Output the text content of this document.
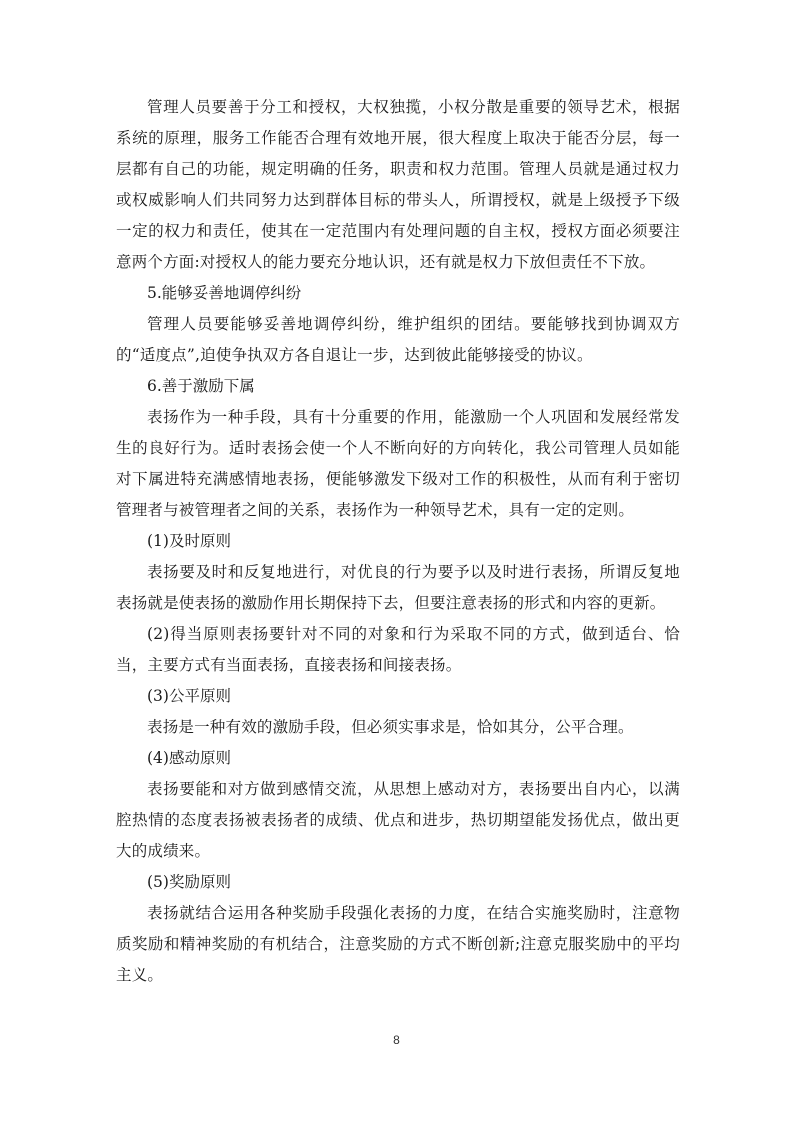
管理人员要善于分工和授权，大权独揽，小权分散是重要的领导艺术，根据系统的原理，服务工作能否合理有效地开展，很大程度上取决于能否分层，每一层都有自己的功能，规定明确的任务，职责和权力范围。管理人员就是通过权力或权威影响人们共同努力达到群体目标的带头人，所谓授权，就是上级授予下级一定的权力和责任，使其在一定范围内有处理问题的自主权，授权方面必须要注意两个方面:对授权人的能力要充分地认识，还有就是权力下放但责任不下放。

5.能够妥善地调停纠纷

管理人员要能够妥善地调停纠纷，维护组织的团结。要能够找到协调双方的“适度点”,迫使争执双方各自退让一步，达到彼此能够接受的协议。

6.善于激励下属

表扬作为一种手段，具有十分重要的作用，能激励一个人巩固和发展经常发生的良好行为。适时表扬会使一个人不断向好的方向转化，我公司管理人员如能对下属进特充满感情地表扬，便能够激发下级对工作的积极性，从而有利于密切管理者与被管理者之间的关系，表扬作为一种领导艺术，具有一定的定则。

(1)及时原则

表扬要及时和反复地进行，对优良的行为要予以及时进行表扬，所谓反复地表扬就是使表扬的激励作用长期保持下去，但要注意表扬的形式和内容的更新。

(2)得当原则表扬要针对不同的对象和行为采取不同的方式，做到适台、恰当，主要方式有当面表扬，直接表扬和间接表扬。

(3)公平原则

表扬是一种有效的激励手段，但必须实事求是，恰如其分，公平合理。

(4)感动原则

表扬要能和对方做到感情交流，从思想上感动对方，表扬要出自内心，以满腔热情的态度表扬被表扬者的成绩、优点和进步，热切期望能发扬优点，做出更大的成绩来。

(5)奖励原则

表扬就结合运用各种奖励手段强化表扬的力度，在结合实施奖励时，注意物质奖励和精神奖励的有机结合，注意奖励的方式不断创新;注意克服奖励中的平均主义。

8
